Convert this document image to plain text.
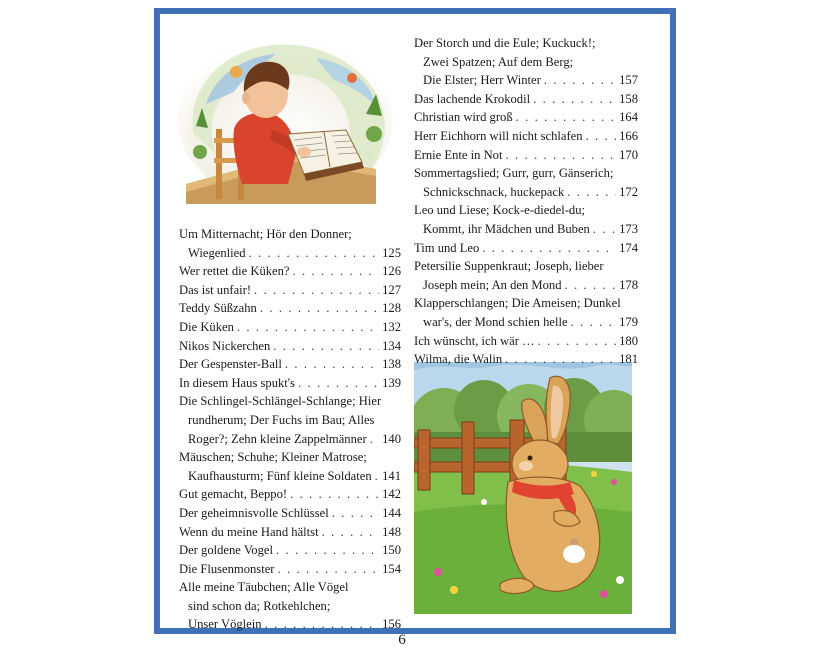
Um Mitternacht; Hör den Donner;
Wiegenlied . . .	125
Wer rettet die Küken? . . .	126
Das ist unfair! . . .	127
Teddy Süßzahn . . .	128
Die Küken . . .	132
Nikos Nickerchen . . .	134
Der Gespenster-Ball . . .	138
In diesem Haus spukt's . . .	139
Die Schlingel-Schlängel-Schlange; Hier
rundherum; Der Fuchs im Bau; Alles
Roger?; Zehn kleine Zappelmänner . . . 140
Mäuschen; Schuhe; Kleiner Matrose;
Kaufhausturm; Fünf kleine Soldaten . . . 141
Gut gemacht, Beppo! . . .	142
Der geheimnisvolle Schlüssel . . .	144
Wenn du meine Hand hältst . . .	148
Der goldene Vogel . . .	150
Die Flusenmonster . . .	154
Alle meine Täubchen; Alle Vögel
sind schon da; Rotkehlchen;
Unser Vöglein . . .	156
Der Storch und die Eule; Kuckuck!;
Zwei Spatzen; Auf dem Berg;
Die Elster; Herr Winter . . .	157
Das lachende Krokodil . . .	158
Christian wird groß . . .	164
Herr Eichhorn will nicht schlafen . . .	166
Ernie Ente in Not . . .	170
Sommertagslied; Gurr, gurr, Gänserich;
Schnickschnack, huckepack . . .	172
Leo und Liese; Kock-e-diedel-du;
Kommt, ihr Mädchen und Buben . . . 173
Tim und Leo . . .	174
Petersilie Suppenkraut; Joseph, lieber
Joseph mein; An den Mond . . .	178
Klapperschlangen; Die Ameisen; Dunkel
war's, der Mond schien helle . . .	179
Ich wünscht, ich wär … . . .	180
Wilma, die Walin . . .	181
6
